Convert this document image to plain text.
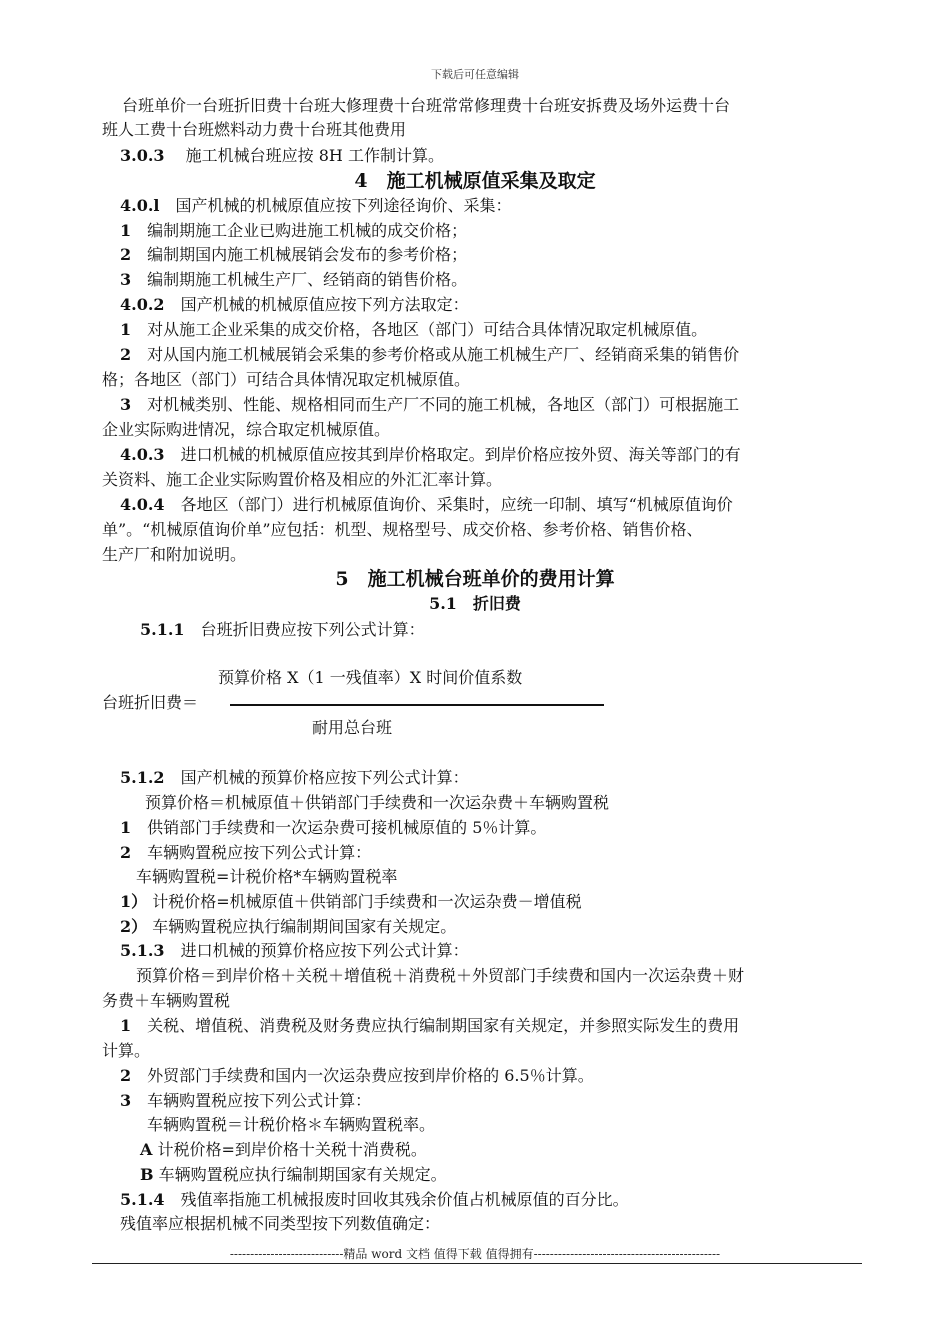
下载后可任意编辑
台班单价一台班折旧费十台班大修理费十台班常常修理费十台班安拆费及场外运费十台
班人工费十台班燃料动力费十台班其他费用
3.0.3　 施工机械台班应按 8H 工作制计算。
4　施工机械原值采集及取定
4.0.l　 国产机械的机械原值应按下列途径询价、采集：
1　 编制期施工企业已购进施工机械的成交价格；
2　 编制期国内施工机械展销会发布的参考价格；
3　 编制期施工机械生产厂、经销商的销售价格。
4.0.2　 国产机械的机械原值应按下列方法取定：
1　 对从施工企业采集的成交价格，各地区（部门）可结合具体情况取定机械原值。
2　 对从国内施工机械展销会采集的参考价格或从施工机械生产厂、经销商采集的销售价
格；各地区（部门）可结合具体情况取定机械原值。
3　 对机械类别、性能、规格相同而生产厂不同的施工机械，各地区（部门）可根据施工
企业实际购进情况，综合取定机械原值。
4.0.3　 进口机械的机械原值应按其到岸价格取定。到岸价格应按外贸、海关等部门的有
关资料、施工企业实际购置价格及相应的外汇汇率计算。
4.0.4　 各地区（部门）进行机械原值询价、采集时，应统一印制、填写“机械原值询价
单”。“机械原值询价单”应包括：机型、规格型号、成交价格、参考价格、销售价格、
生产厂和附加说明。
5　施工机械台班单价的费用计算
5.1　折旧费
5.1.1　 台班折旧费应按下列公式计算：
预算价格 X（1 一残值率）X 时间价值系数
台班折旧费＝
耐用总台班
5.1.2　 国产机械的预算价格应按下列公式计算：
预算价格＝机械原值＋供销部门手续费和一次运杂费＋车辆购置税
1　 供销部门手续费和一次运杂费可接机械原值的 5％计算。
2　 车辆购置税应按下列公式计算：
车辆购置税=计税价格*车辆购置税率
1） 计税价格=机械原值＋供销部门手续费和一次运杂费－增值税
2） 车辆购置税应执行编制期间国家有关规定。
5.1.3　 进口机械的预算价格应按下列公式计算：
预算价格＝到岸价格＋关税＋增值税＋消费税＋外贸部门手续费和国内一次运杂费＋财
务费＋车辆购置税
1　 关税、增值税、消费税及财务费应执行编制期国家有关规定，并参照实际发生的费用
计算。
2　 外贸部门手续费和国内一次运杂费应按到岸价格的 6.5％计算。
3　 车辆购置税应按下列公式计算：
车辆购置税＝计税价格＊车辆购置税率。
A 计税价格=到岸价格十关税十消费税。
B 车辆购置税应执行编制期国家有关规定。
5.1.4　 残值率指施工机械报废时回收其残余价值占机械原值的百分比。
残值率应根据机械不同类型按下列数值确定：
----------------------------精品 word 文档 值得下载 值得拥有----------------------------------------------
